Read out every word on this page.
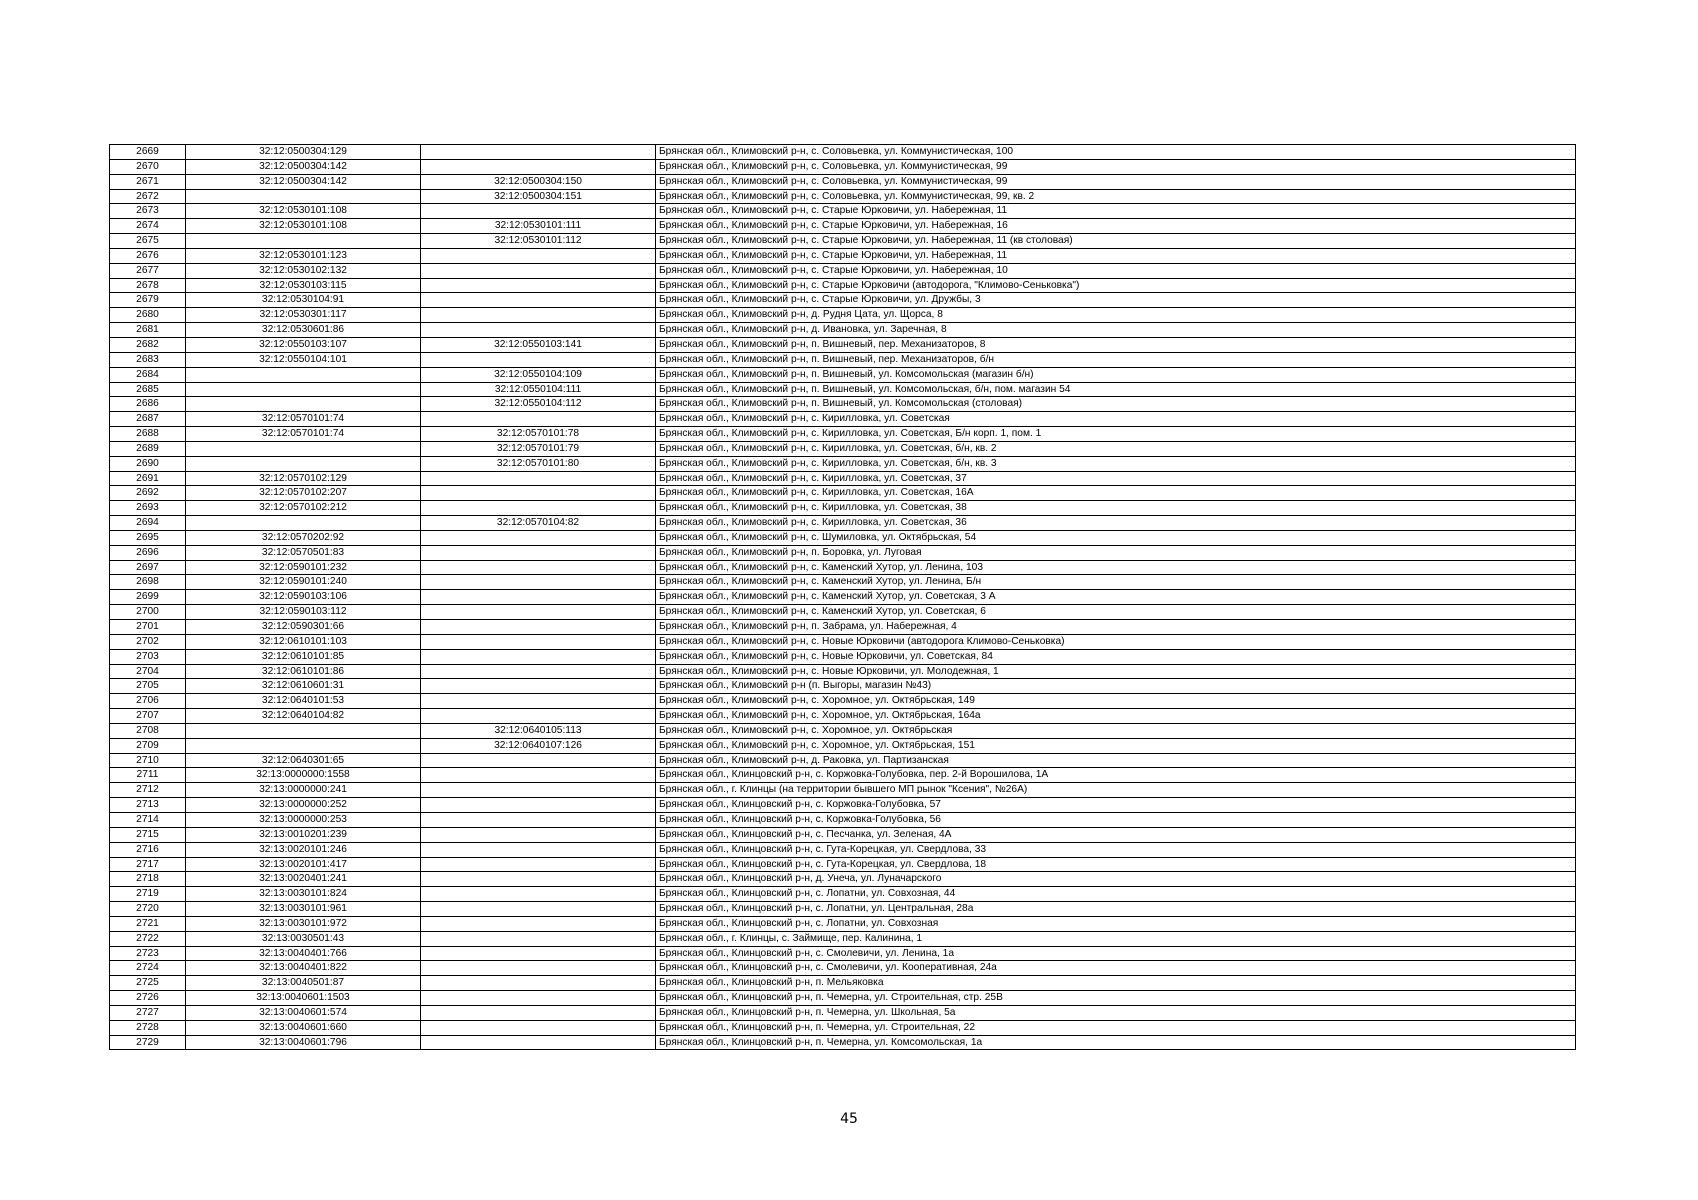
2669	32:12:0500304:129		Брянская обл., Климовский р-н, с. Соловьевка, ул. Коммунистическая, 100
2670	32:12:0500304:142		Брянская обл., Климовский р-н, с. Соловьевка, ул. Коммунистическая, 99
2671	32:12:0500304:142	32:12:0500304:150	Брянская обл., Климовский р-н, с. Соловьевка, ул. Коммунистическая, 99
2672		32:12:0500304:151	Брянская обл., Климовский р-н, с. Соловьевка, ул. Коммунистическая, 99, кв. 2
2673	32:12:0530101:108		Брянская обл., Климовский р-н, с. Старые Юрковичи, ул. Набережная, 11
2674	32:12:0530101:108	32:12:0530101:111	Брянская обл., Климовский р-н, с. Старые Юрковичи, ул. Набережная, 16
2675		32:12:0530101:112	Брянская обл., Климовский р-н, с. Старые Юрковичи, ул. Набережная, 11 (кв столовая)
2676	32:12:0530101:123		Брянская обл., Климовский р-н, с. Старые Юрковичи, ул. Набережная, 11
2677	32:12:0530102:132		Брянская обл., Климовский р-н, с. Старые Юрковичи, ул. Набережная, 10
2678	32:12:0530103:115		Брянская обл., Климовский р-н, с. Старые Юрковичи (автодорога, "Климово-Сеньковка")
2679	32:12:0530104:91		Брянская обл., Климовский р-н, с. Старые Юрковичи, ул. Дружбы, 3
2680	32:12:0530301:117		Брянская обл., Климовский р-н, д. Рудня Цата, ул. Щорса, 8
2681	32:12:0530601:86		Брянская обл., Климовский р-н, д. Ивановка, ул. Заречная, 8
2682	32:12:0550103:107	32:12:0550103:141	Брянская обл., Климовский р-н, п. Вишневый, пер. Механизаторов, 8
2683	32:12:0550104:101		Брянская обл., Климовский р-н, п. Вишневый, пер. Механизаторов, б/н
2684		32:12:0550104:109	Брянская обл., Климовский р-н, п. Вишневый, ул. Комсомольская (магазин б/н)
2685		32:12:0550104:111	Брянская обл., Климовский р-н, п. Вишневый, ул. Комсомольская, б/н, пом. магазин 54
2686		32:12:0550104:112	Брянская обл., Климовский р-н, п. Вишневый, ул. Комсомольская (столовая)
2687	32:12:0570101:74		Брянская обл., Климовский р-н, с. Кирилловка, ул. Советская
2688	32:12:0570101:74	32:12:0570101:78	Брянская обл., Климовский р-н, с. Кирилловка, ул. Советская, Б/н корп. 1, пом. 1
2689		32:12:0570101:79	Брянская обл., Климовский р-н, с. Кирилловка, ул. Советская, б/н, кв. 2
2690		32:12:0570101:80	Брянская обл., Климовский р-н, с. Кирилловка, ул. Советская, б/н, кв. 3
2691	32:12:0570102:129		Брянская обл., Климовский р-н, с. Кирилловка, ул. Советская, 37
2692	32:12:0570102:207		Брянская обл., Климовский р-н, с. Кирилловка, ул. Советская, 16А
2693	32:12:0570102:212		Брянская обл., Климовский р-н, с. Кирилловка, ул. Советская, 38
2694		32:12:0570104:82	Брянская обл., Климовский р-н, с. Кирилловка, ул. Советская, 36
2695	32:12:0570202:92		Брянская обл., Климовский р-н, с. Шумиловка, ул. Октябрьская, 54
2696	32:12:0570501:83		Брянская обл., Климовский р-н, п. Боровка, ул. Луговая
2697	32:12:0590101:232		Брянская обл., Климовский р-н, с. Каменский Хутор, ул. Ленина, 103
2698	32:12:0590101:240		Брянская обл., Климовский р-н, с. Каменский Хутор, ул. Ленина, Б/н
2699	32:12:0590103:106		Брянская обл., Климовский р-н, с. Каменский Хутор, ул. Советская, 3 А
2700	32:12:0590103:112		Брянская обл., Климовский р-н, с. Каменский Хутор, ул. Советская, 6
2701	32:12:0590301:66		Брянская обл., Климовский р-н, п. Забрама, ул. Набережная, 4
2702	32:12:0610101:103		Брянская обл., Климовский р-н, с. Новые Юрковичи (автодорога Климово-Сеньковка)
2703	32:12:0610101:85		Брянская обл., Климовский р-н, с. Новые Юрковичи, ул. Советская, 84
2704	32:12:0610101:86		Брянская обл., Климовский р-н, с. Новые Юрковичи, ул. Молодежная, 1
2705	32:12:0610601:31		Брянская обл., Климовский р-н (п. Выгоры, магазин №43)
2706	32:12:0640101:53		Брянская обл., Климовский р-н, с. Хоромное, ул. Октябрьская, 149
2707	32:12:0640104:82		Брянская обл., Климовский р-н, с. Хоромное, ул. Октябрьская, 164а
2708		32:12:0640105:113	Брянская обл., Климовский р-н, с. Хоромное, ул. Октябрьская
2709		32:12:0640107:126	Брянская обл., Климовский р-н, с. Хоромное, ул. Октябрьская, 151
2710	32:12:0640301:65		Брянская обл., Климовский р-н, д. Раковка, ул. Партизанская
2711	32:13:0000000:1558		Брянская обл., Клинцовский р-н, с. Коржовка-Голубовка, пер. 2-й Ворошилова, 1А
2712	32:13:0000000:241		Брянская обл., г. Клинцы (на территории бывшего МП рынок "Ксения", №26А)
2713	32:13:0000000:252		Брянская обл., Клинцовский р-н, с. Коржовка-Голубовка, 57
2714	32:13:0000000:253		Брянская обл., Клинцовский р-н, с. Коржовка-Голубовка, 56
2715	32:13:0010201:239		Брянская обл., Клинцовский р-н, с. Песчанка, ул. Зеленая, 4А
2716	32:13:0020101:246		Брянская обл., Клинцовский р-н, с. Гута-Корецкая, ул. Свердлова, 33
2717	32:13:0020101:417		Брянская обл., Клинцовский р-н, с. Гута-Корецкая, ул. Свердлова, 18
2718	32:13:0020401:241		Брянская обл., Клинцовский р-н, д. Унеча, ул. Луначарского
2719	32:13:0030101:824		Брянская обл., Клинцовский р-н, с. Лопатни, ул. Совхозная, 44
2720	32:13:0030101:961		Брянская обл., Клинцовский р-н, с. Лопатни, ул. Центральная, 28а
2721	32:13:0030101:972		Брянская обл., Клинцовский р-н, с. Лопатни, ул. Совхозная
2722	32:13:0030501:43		Брянская обл., г. Клинцы, с. Займище, пер. Калинина, 1
2723	32:13:0040401:766		Брянская обл., Клинцовский р-н, с. Смолевичи, ул. Ленина, 1а
2724	32:13:0040401:822		Брянская обл., Клинцовский р-н, с. Смолевичи, ул. Кооперативная, 24а
2725	32:13:0040501:87		Брянская обл., Клинцовский р-н, п. Мельяковка
2726	32:13:0040601:1503		Брянская обл., Клинцовский р-н, п. Чемерна, ул. Строительная, стр. 25В
2727	32:13:0040601:574		Брянская обл., Клинцовский р-н, п. Чемерна, ул. Школьная, 5а
2728	32:13:0040601:660		Брянская обл., Клинцовский р-н, п. Чемерна, ул. Строительная, 22
2729	32:13:0040601:796		Брянская обл., Клинцовский р-н, п. Чемерна, ул. Комсомольская, 1а
45
